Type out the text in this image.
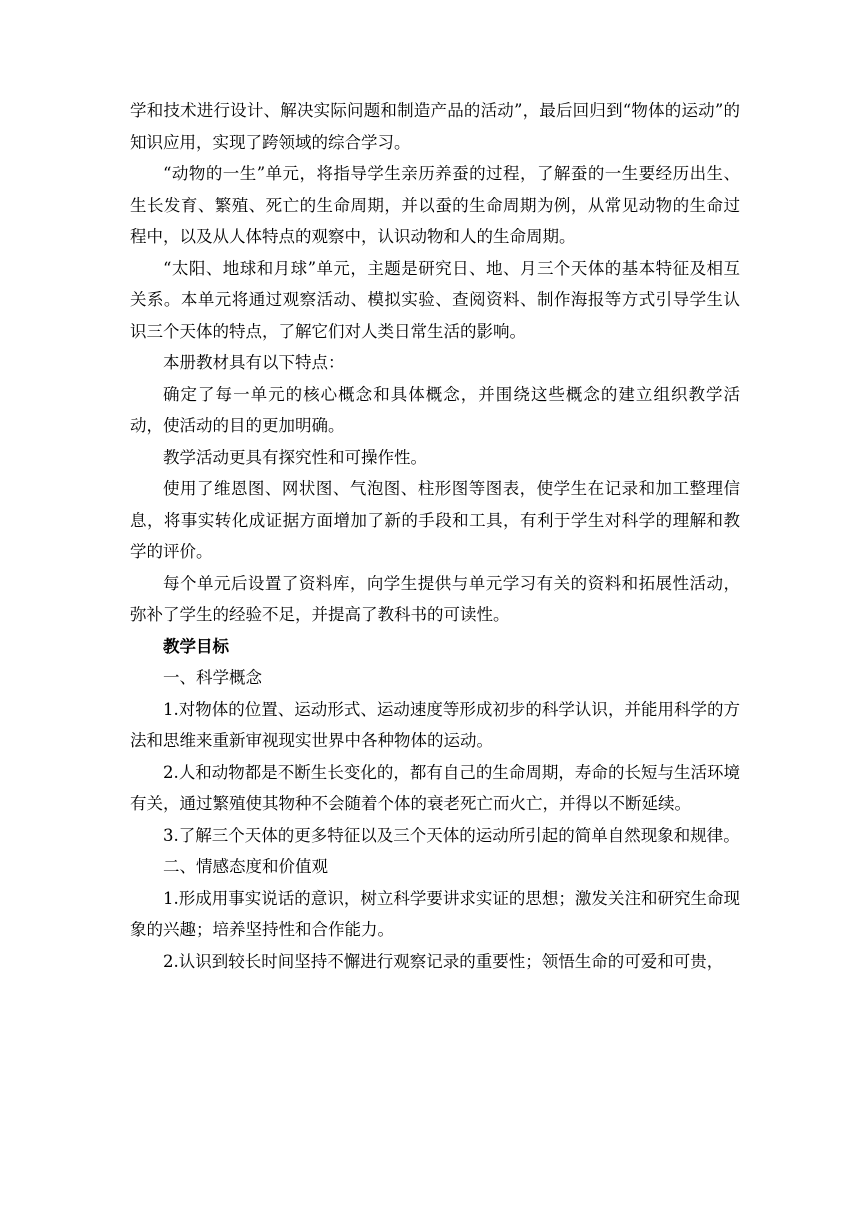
学和技术进行设计、解决实际问题和制造产品的活动”，最后回归到“物体的运动”的知识应用，实现了跨领域的综合学习。

“动物的一生”单元，将指导学生亲历养蚕的过程，了解蚕的一生要经历出生、生长发育、繁殖、死亡的生命周期，并以蚕的生命周期为例，从常见动物的生命过程中，以及从人体特点的观察中，认识动物和人的生命周期。

“太阳、地球和月球”单元，主题是研究日、地、月三个天体的基本特征及相互关系。本单元将通过观察活动、模拟实验、查阅资料、制作海报等方式引导学生认识三个天体的特点，了解它们对人类日常生活的影响。

本册教材具有以下特点：

确定了每一单元的核心概念和具体概念，并围绕这些概念的建立组织教学活动，使活动的目的更加明确。

教学活动更具有探究性和可操作性。

使用了维恩图、网状图、气泡图、柱形图等图表，使学生在记录和加工整理信息，将事实转化成证据方面增加了新的手段和工具，有利于学生对科学的理解和教学的评价。

每个单元后设置了资料库，向学生提供与单元学习有关的资料和拓展性活动，弥补了学生的经验不足，并提高了教科书的可读性。

教学目标

一、科学概念

1.对物体的位置、运动形式、运动速度等形成初步的科学认识，并能用科学的方法和思维来重新审视现实世界中各种物体的运动。

2.人和动物都是不断生长变化的，都有自己的生命周期，寿命的长短与生活环境有关，通过繁殖使其物种不会随着个体的衰老死亡而火亡，并得以不断延续。

3.了解三个天体的更多特征以及三个天体的运动所引起的简单自然现象和规律。

二、情感态度和价值观

1.形成用事实说话的意识，树立科学要讲求实证的思想；激发关注和研究生命现象的兴趣；培养坚持性和合作能力。

2.认识到较长时间坚持不懈进行观察记录的重要性；领悟生命的可爱和可贵，
